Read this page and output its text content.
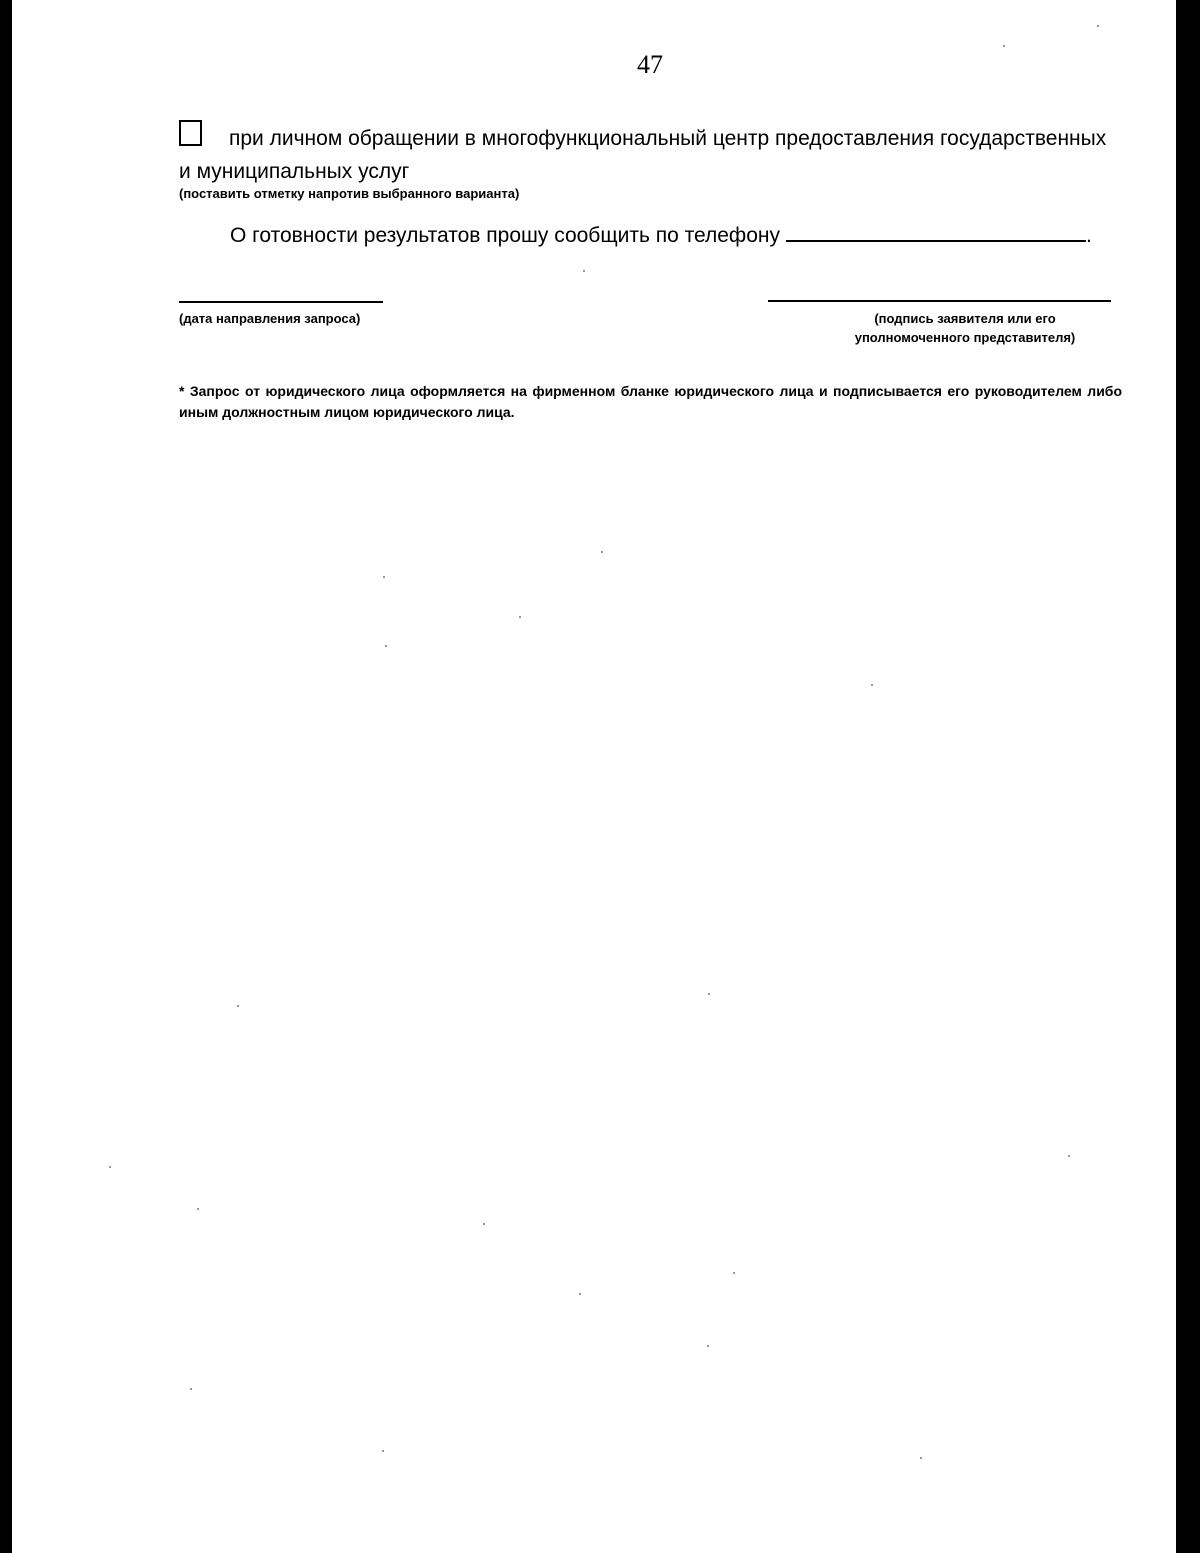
47
при личном обращении в многофункциональный центр предоставления государственных и муниципальных услуг
(поставить отметку напротив выбранного варианта)
О готовности результатов прошу сообщить по телефону	.
(дата направления запроса)	(подпись заявителя или его уполномоченного представителя)
* Запрос от юридического лица оформляется на фирменном бланке юридического лица и подписывается его руководителем либо иным должностным лицом юридического лица.
